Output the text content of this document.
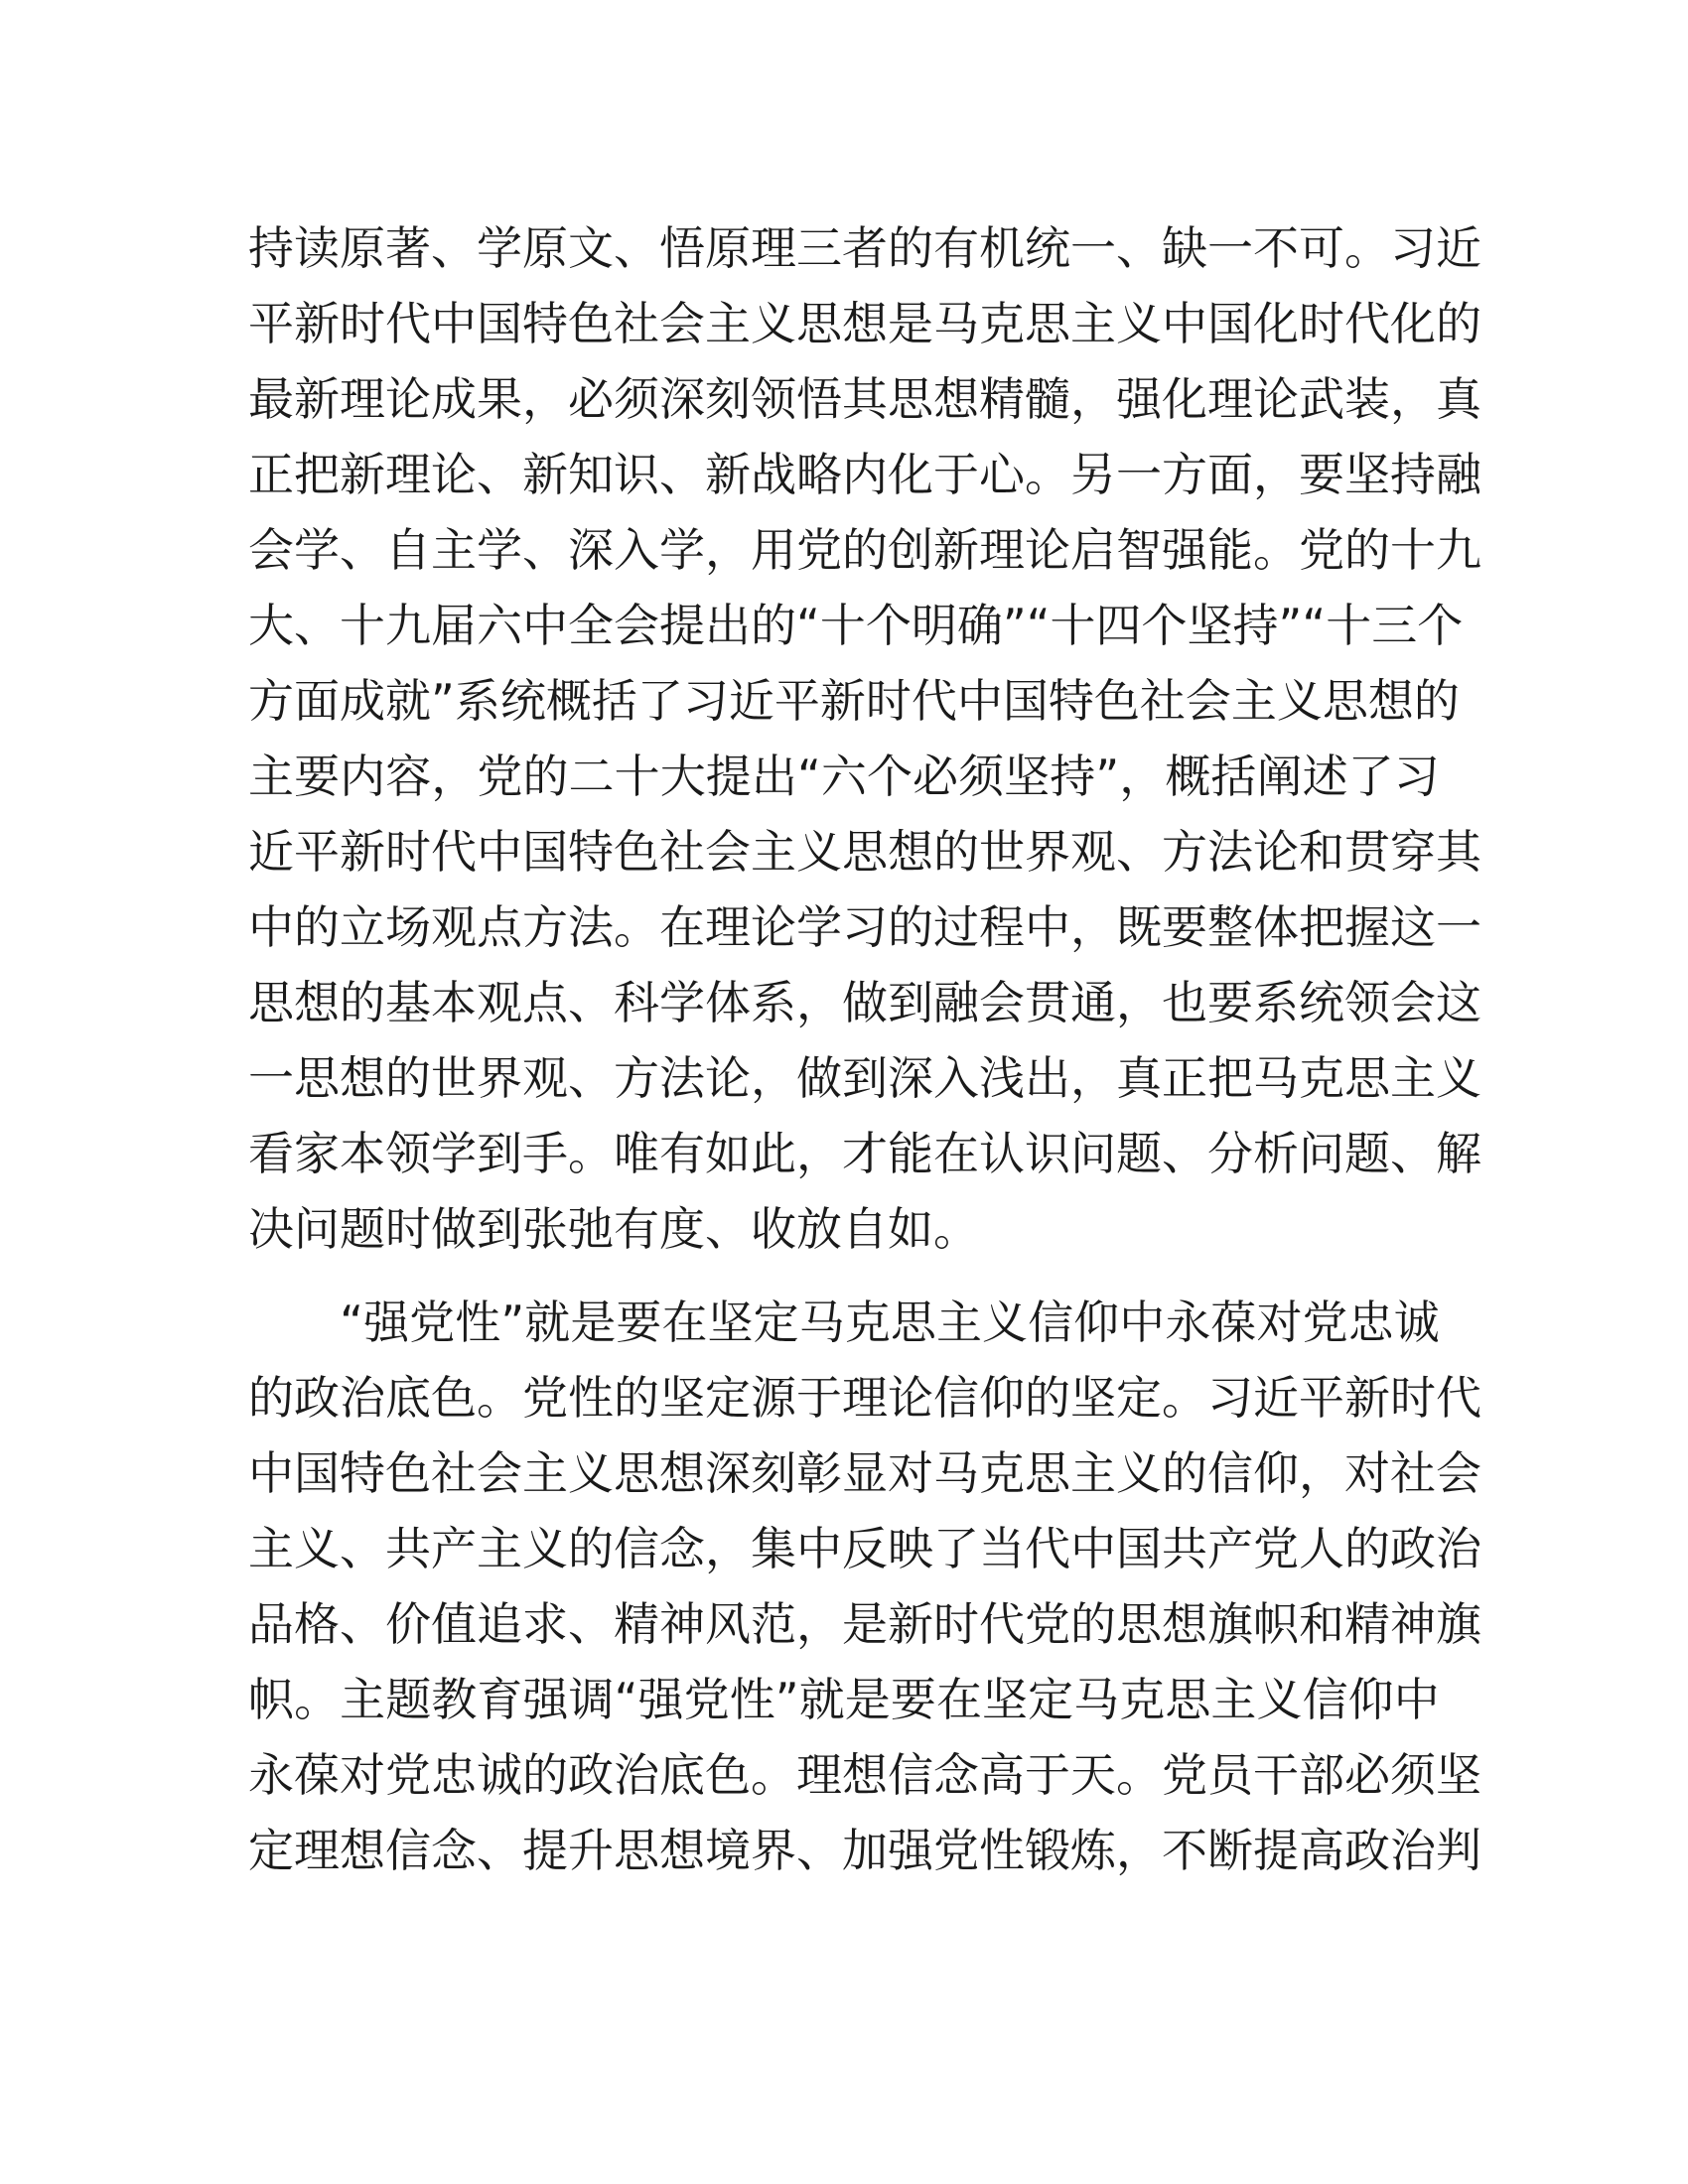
持 读 原 著 、 学 原 文 、 悟 原 理 三 者 的 有 机 统 一 、 缺 一 不 可 。 习 近
平 新 时 代 中 国 特 色 社 会 主 义 思 想 是 马 克 思 主 义 中 国 化 时 代 化 的
最 新 理 论 成 果 ， 必 须 深 刻 领 悟 其 思 想 精 髓 ， 强 化 理 论 武 装 ， 真
正 把 新 理 论 、 新 知 识 、 新 战 略 内 化 于 心 。 另 一 方 面 ， 要 坚 持 融
会 学 、 自 主 学 、 深 入 学 ， 用 党 的 创 新 理 论 启 智 强 能 。 党 的 十 九
大 、 十 九 届 六 中 全 会 提 出 的 “ 十 个 明 确 ” “ 十 四 个 坚 持 ” “ 十 三 个
方 面 成 就 ” 系 统 概 括 了 习 近 平 新 时 代 中 国 特 色 社 会 主 义 思 想 的
主 要 内 容 ， 党 的 二 十 大 提 出 “ 六 个 必 须 坚 持 ” ， 概 括 阐 述 了 习
近 平 新 时 代 中 国 特 色 社 会 主 义 思 想 的 世 界 观 、 方 法 论 和 贯 穿 其
中 的 立 场 观 点 方 法 。 在 理 论 学 习 的 过 程 中 ， 既 要 整 体 把 握 这 一
思 想 的 基 本 观 点 、 科 学 体 系 ， 做 到 融 会 贯 通 ， 也 要 系 统 领 会 这
一 思 想 的 世 界 观 、 方 法 论 ， 做 到 深 入 浅 出 ， 真 正 把 马 克 思 主 义
看 家 本 领 学 到 手 。 唯 有 如 此 ， 才 能 在 认 识 问 题 、 分 析 问 题 、 解
决问题时做到张弛有度、收放自如。

“ 强 党 性 ” 就 是 要 在 坚 定 马 克 思 主 义 信 仰 中 永 葆 对 党 忠 诚
的 政 治 底 色 。 党 性 的 坚 定 源 于 理 论 信 仰 的 坚 定 。 习 近 平 新 时 代
中 国 特 色 社 会 主 义 思 想 深 刻 彰 显 对 马 克 思 主 义 的 信 仰 ， 对 社 会
主 义 、 共 产 主 义 的 信 念 ， 集 中 反 映 了 当 代 中 国 共 产 党 人 的 政 治
品 格 、 价 值 追 求 、 精 神 风 范 ， 是 新 时 代 党 的 思 想 旗 帜 和 精 神 旗
帜 。 主 题 教 育 强 调 “ 强 党 性 ” 就 是 要 在 坚 定 马 克 思 主 义 信 仰 中
永 葆 对 党 忠 诚 的 政 治 底 色 。 理 想 信 念 高 于 天 。 党 员 干 部 必 须 坚
定 理 想 信 念 、 提 升 思 想 境 界 、 加 强 党 性 锻 炼 ， 不 断 提 高 政 治 判
